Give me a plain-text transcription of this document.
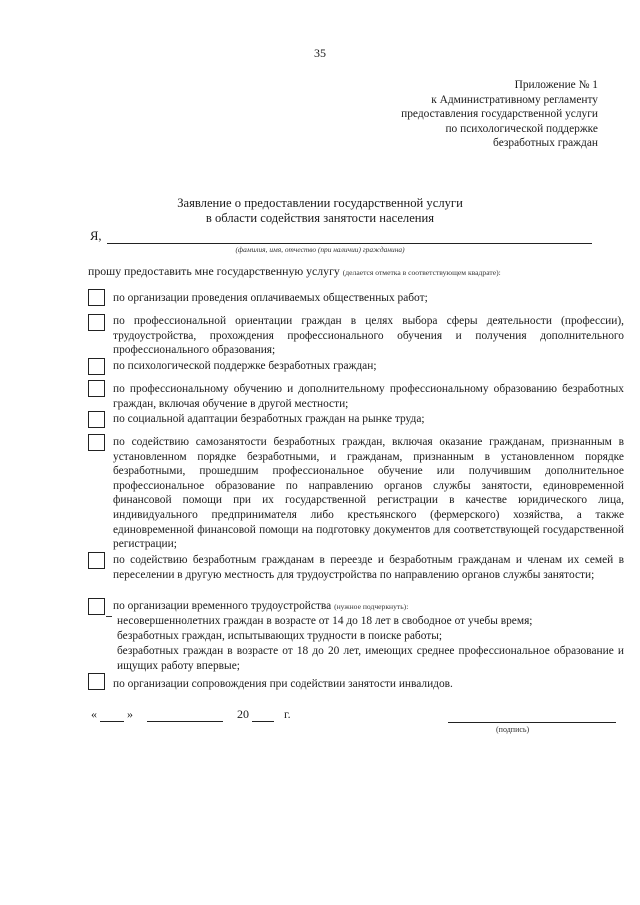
35
Приложение № 1
к Административному регламенту
предоставления государственной услуги
по психологической поддержке
безработных граждан
Заявление о предоставлении государственной услуги
в области содействия занятости населения
Я,
(фамилия, имя, отчество (при наличии) гражданина)
прошу предоставить мне государственную услугу (делается отметка в соответствующем квадрате):
по организации проведения оплачиваемых общественных работ;
по профессиональной ориентации граждан в целях выбора сферы деятельности (профессии), трудоустройства, прохождения профессионального обучения и получения дополнительного профессионального образования;
по психологической поддержке безработных граждан;
по профессиональному обучению и дополнительному профессиональному образованию безработных граждан, включая обучение в другой местности;
по социальной адаптации безработных граждан на рынке труда;
по содействию самозанятости безработных граждан, включая оказание гражданам, признанным в установленном порядке безработными, и гражданам, признанным в установленном порядке безработными, прошедшим профессиональное обучение или получившим дополнительное профессиональное образование по направлению органов службы занятости, единовременной финансовой помощи при их государственной регистрации в качестве юридического лица, индивидуального предпринимателя либо крестьянского (фермерского) хозяйства, а также единовременной финансовой помощи на подготовку документов для соответствующей государственной регистрации;
по содействию безработным гражданам в переезде и безработным гражданам и членам их семей в переселении в другую местность для трудоустройства по направлению органов службы занятости;
по организации временного трудоустройства (нужное подчеркнуть):
несовершеннолетних граждан в возрасте от 14 до 18 лет в свободное от учебы время;
безработных граждан, испытывающих трудности в поиске работы;
безработных граждан в возрасте от 18 до 20 лет, имеющих среднее профессиональное образование и ищущих работу впервые;
по организации сопровождения при содействии занятости инвалидов.
«	»	20	г.
(подпись)
